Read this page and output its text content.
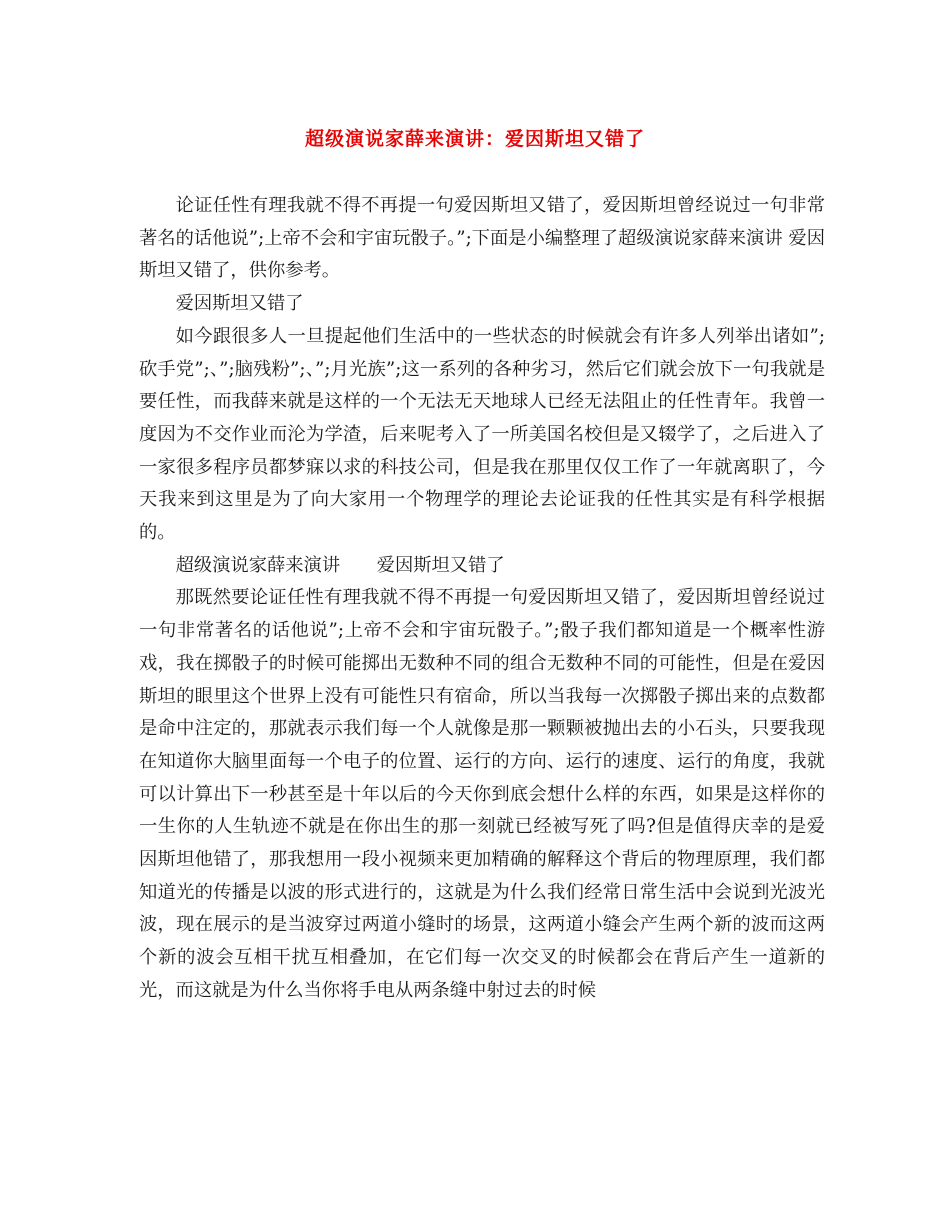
超级演说家薛来演讲：爱因斯坦又错了

论证任性有理我就不得不再提一句爱因斯坦又错了，爱因斯坦曾经说过一句非常著名的话他说”;上帝不会和宇宙玩骰子。”;下面是小编整理了超级演说家薛来演讲 爱因斯坦又错了，供你参考。

爱因斯坦又错了

如今跟很多人一旦提起他们生活中的一些状态的时候就会有许多人列举出诸如”;砍手党”;、”;脑残粉”;、”;月光族”;这一系列的各种劣习，然后它们就会放下一句我就是要任性，而我薛来就是这样的一个无法无天地球人已经无法阻止的任性青年。我曾一度因为不交作业而沦为学渣，后来呢考入了一所美国名校但是又辍学了，之后进入了一家很多程序员都梦寐以求的科技公司，但是我在那里仅仅工作了一年就离职了，今天我来到这里是为了向大家用一个物理学的理论去论证我的任性其实是有科学根据的。

超级演说家薛来演讲　　爱因斯坦又错了

那既然要论证任性有理我就不得不再提一句爱因斯坦又错了，爱因斯坦曾经说过一句非常著名的话他说”;上帝不会和宇宙玩骰子。”;骰子我们都知道是一个概率性游戏，我在掷骰子的时候可能掷出无数种不同的组合无数种不同的可能性，但是在爱因斯坦的眼里这个世界上没有可能性只有宿命，所以当我每一次掷骰子掷出来的点数都是命中注定的，那就表示我们每一个人就像是那一颗颗被抛出去的小石头，只要我现在知道你大脑里面每一个电子的位置、运行的方向、运行的速度、运行的角度，我就可以计算出下一秒甚至是十年以后的今天你到底会想什么样的东西，如果是这样你的一生你的人生轨迹不就是在你出生的那一刻就已经被写死了吗?但是值得庆幸的是爱因斯坦他错了，那我想用一段小视频来更加精确的解释这个背后的物理原理，我们都知道光的传播是以波的形式进行的，这就是为什么我们经常日常生活中会说到光波光波，现在展示的是当波穿过两道小缝时的场景，这两道小缝会产生两个新的波而这两个新的波会互相干扰互相叠加，在它们每一次交叉的时候都会在背后产生一道新的光，而这就是为什么当你将手电从两条缝中射过去的时候
